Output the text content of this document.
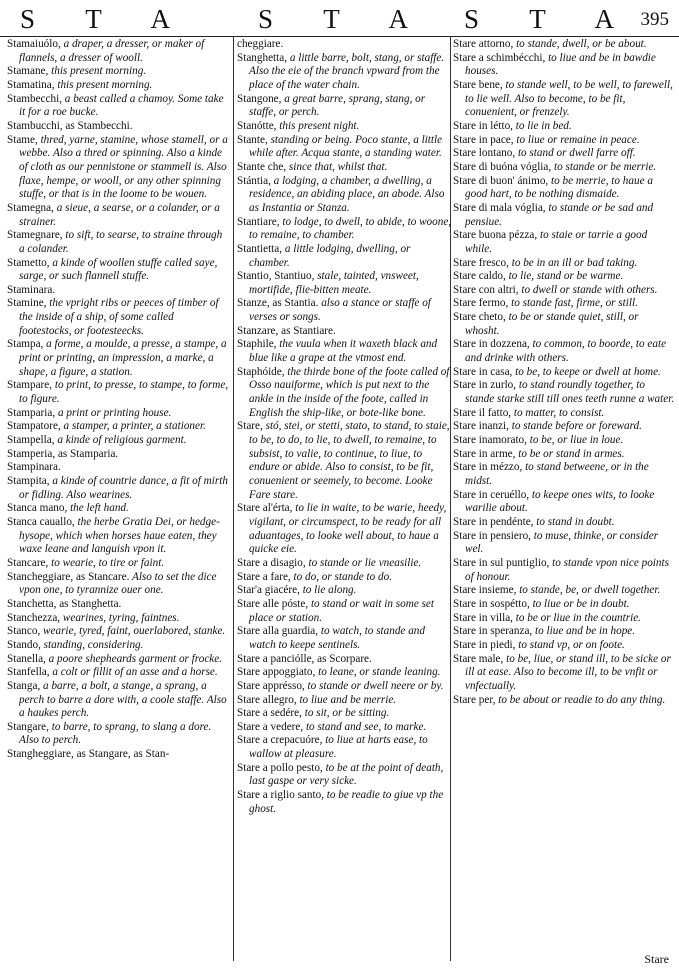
S T A S T A S T A 395

Stamaiuólo, a draper, a dresser, or maker of flannels, a dresser of wooll.

Stamane, this present morning.

Stamatina, this present morning.

Stambecchi, a beast called a chamoy. Some take it for a roe bucke.

Stambucchi, as Stambecchi.

Stame, thred, yarne, stamine, whose stamell, or a webbe. Also a thred or spinning. Also a kinde of cloth as our pennistone or stammell is. Also flaxe, hempe, or wooll, or any other spinning stuffe, or that is in the loome to be wouen.

Stamegna, a sieue, a searse, or a colander, or a strainer.

Stamegnare, to sift, to searse, to straine through a colander.

Stametto, a kinde of woollen stuffe called saye, sarge, or such flannell stuffe.

Staminara.

Stamine, the vpright ribs or peeces of timber of the inside of a ship, of some called footestocks, or footesteecks.

Stampa, a forme, a moulde, a presse, a stampe, a print or printing, an impression, a marke, a shape, a figure, a station.

Stampare, to print, to presse, to stampe, to forme, to figure.

Stamparia, a print or printing house.

Stampatore, a stamper, a printer, a stationer.

Stampella, a kinde of religious garment.

Stamperia, as Stamparia.

Stampinara.

Stampita, a kinde of countrie dance, a fit of mirth or fidling. Also wearines.

Stanca mano, the left hand.

Stanca cauallo, the herbe Gratia Dei, or hedge-hysope, which when horses haue eaten, they waxe leane and languish vpon it.

Stancare, to wearie, to tire or faint.

Stancheggiare, as Stancare. Also to set the dice vpon one, to tyrannize ouer one.

Stanchetta, as Stanghetta.

Stanchezza, wearines, tyring, faintnes.

Stanco, wearie, tyred, faint, ouerlabored, stanke.

Stando, standing, considering.

Stanella, a poore shepheards garment or frocke.

Stanfella, a colt or fillit of an asse and a horse.

Stanga, a barre, a bolt, a stange, a sprang, a perch to barre a dore with, a coole staffe. Also a haukes perch.

Stangare, to barre, to sprang, to slang a dore. Also to perch.

Stangheggiare, as Stangare, as Stan-

cheggiare.

Stanghetta, a little barre, bolt, stang, or staffe. Also the eie of the branch vpward from the place of the water chain.

Stangone, a great barre, sprang, stang, or staffe, or perch.

Stanótte, this present night.

Stante, standing or being. Poco stante, a little while after. Acqua stante, a standing water.

Stante che, since that, whilst that.

Stántia, a lodging, a chamber, a dwelling, a residence, an abiding place, an abode. Also as Instantia or Stanza.

Stantiare, to lodge, to dwell, to abide, to woone, to remaine, to chamber.

Stantietta, a little lodging, dwelling, or chamber.

Stantio, Stantiuo, stale, tainted, vnsweet, mortifide, flie-bitten meate.

Stanze, as Stantia. also a stance or staffe of verses or songs.

Stanzare, as Stantiare.

Staphile, the vuula when it waxeth black and blue like a grape at the vtmost end.

Staphóide, the thirde bone of the foote called of Osso nauiforme, which is put next to the ankle in the inside of the foote, called in English the ship-like, or bote-like bone.

Stare, stó, stei, or stetti, stato, to stand, to staie, to be, to do, to lie, to dwell, to remaine, to subsist, to valie, to continue, to liue, to endure or abide. Also to consist, to be fit, conuenient or seemely, to become. Looke Fare stare.

Stare al'érta, to lie in waite, to be warie, heedy, vigilant, or circumspect, to be ready for all aduantages, to looke well about, to haue a quicke eie.

Stare a disagio, to stande or lie vneasilie.

Stare a fare, to do, or stande to do.

Star'a giacére, to lie along.

Stare alle póste, to stand or wait in some set place or station.

Stare alla guardia, to watch, to stande and watch to keepe sentinels.

Stare a panciólle, as Scorpare.

Stare appoggiato, to leane, or stande leaning.

Stare apprésso, to stande or dwell neere or by.

Stare allegro, to liue and be merrie.

Stare a sedére, to sit, or be sitting.

Stare a vedere, to stand and see, to marke.

Stare a crepacuóre, to liue at harts ease, to wallow at pleasure.

Stare a pollo pesto, to be at the point of death, last gaspe or very sicke.

Stare a riglio santo, to be readie to giue vp the ghost.

Stare attorno, to stande, dwell, or be about.

Stare a schimbécchi, to liue and be in bawdie houses.

Stare bene, to stande well, to be well, to farewell, to lie well. Also to become, to be fit, conuenient, or frenzely.

Stare in létto, to lie in bed.

Stare in pace, to liue or remaine in peace.

Stare lontano, to stand or dwell farre off.

Stare di buóna vóglia, to stande or be merrie.

Stare di buon' ánimo, to be merrie, to haue a good hart, to be nothing dismaide.

Stare di mala vóglia, to stande or be sad and pensiue.

Stare buona pézza, to staie or tarrie a good while.

Stare fresco, to be in an ill or bad taking.

Stare caldo, to lie, stand or be warme.

Stare con altri, to dwell or stande with others.

Stare fermo, to stande fast, firme, or still.

Stare cheto, to be or stande quiet, still, or whosht.

Stare in dozzena, to common, to boorde, to eate and drinke with others.

Stare in casa, to be, to keepe or dwell at home.

Stare in zurlo, to stand roundly together, to stande starke still till ones teeth runne a water.

Stare il fatto, to matter, to consist.

Stare inanzi, to stande before or foreward.

Stare inamorato, to be, or liue in loue.

Stare in arme, to be or stand in armes.

Stare in mézzo, to stand betweene, or in the midst.

Stare in ceruéllo, to keepe ones wits, to looke warilie about.

Stare in pendénte, to stand in doubt.

Stare in pensiero, to muse, thinke, or consider wel.

Stare in sul puntiglio, to stande vpon nice points of honour.

Stare insieme, to stande, be, or dwell together.

Stare in sospétto, to liue or be in doubt.

Stare in villa, to be or liue in the countrie.

Stare in speranza, to liue and be in hope.

Stare in piedi, to stand vp, or on foote.

Stare male, to be, liue, or stand ill, to be sicke or ill at ease. Also to become ill, to be vnfit or vnfectually.

Stare per, to be about or readie to do any thing.

Stare
